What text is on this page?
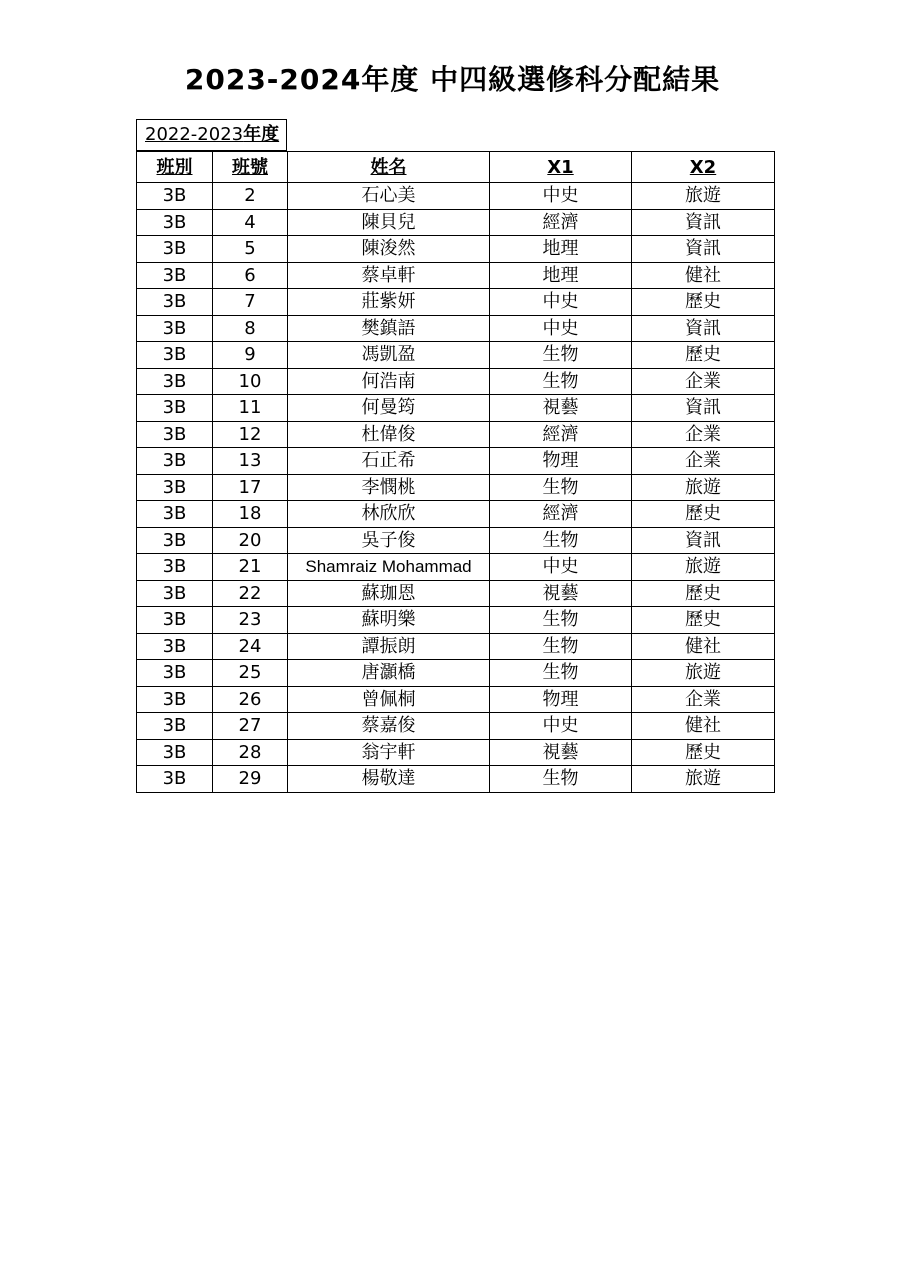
2023-2024年度 中四級選修科分配結果
2022-2023年度
班別	班號	姓名	X1	X2
3B	2	石心美	中史	旅遊
3B	4	陳貝兒	經濟	資訊
3B	5	陳浚然	地理	資訊
3B	6	蔡卓軒	地理	健社
3B	7	莊紫妍	中史	歷史
3B	8	樊鎮語	中史	資訊
3B	9	馮凱盈	生物	歷史
3B	10	何浩南	生物	企業
3B	11	何曼筠	視藝	資訊
3B	12	杜偉俊	經濟	企業
3B	13	石正希	物理	企業
3B	17	李憫桃	生物	旅遊
3B	18	林欣欣	經濟	歷史
3B	20	吳子俊	生物	資訊
3B	21	Shamraiz Mohammad	中史	旅遊
3B	22	蘇珈恩	視藝	歷史
3B	23	蘇明樂	生物	歷史
3B	24	譚振朗	生物	健社
3B	25	唐灝橋	生物	旅遊
3B	26	曾佩桐	物理	企業
3B	27	蔡嘉俊	中史	健社
3B	28	翁宇軒	視藝	歷史
3B	29	楊敬達	生物	旅遊
